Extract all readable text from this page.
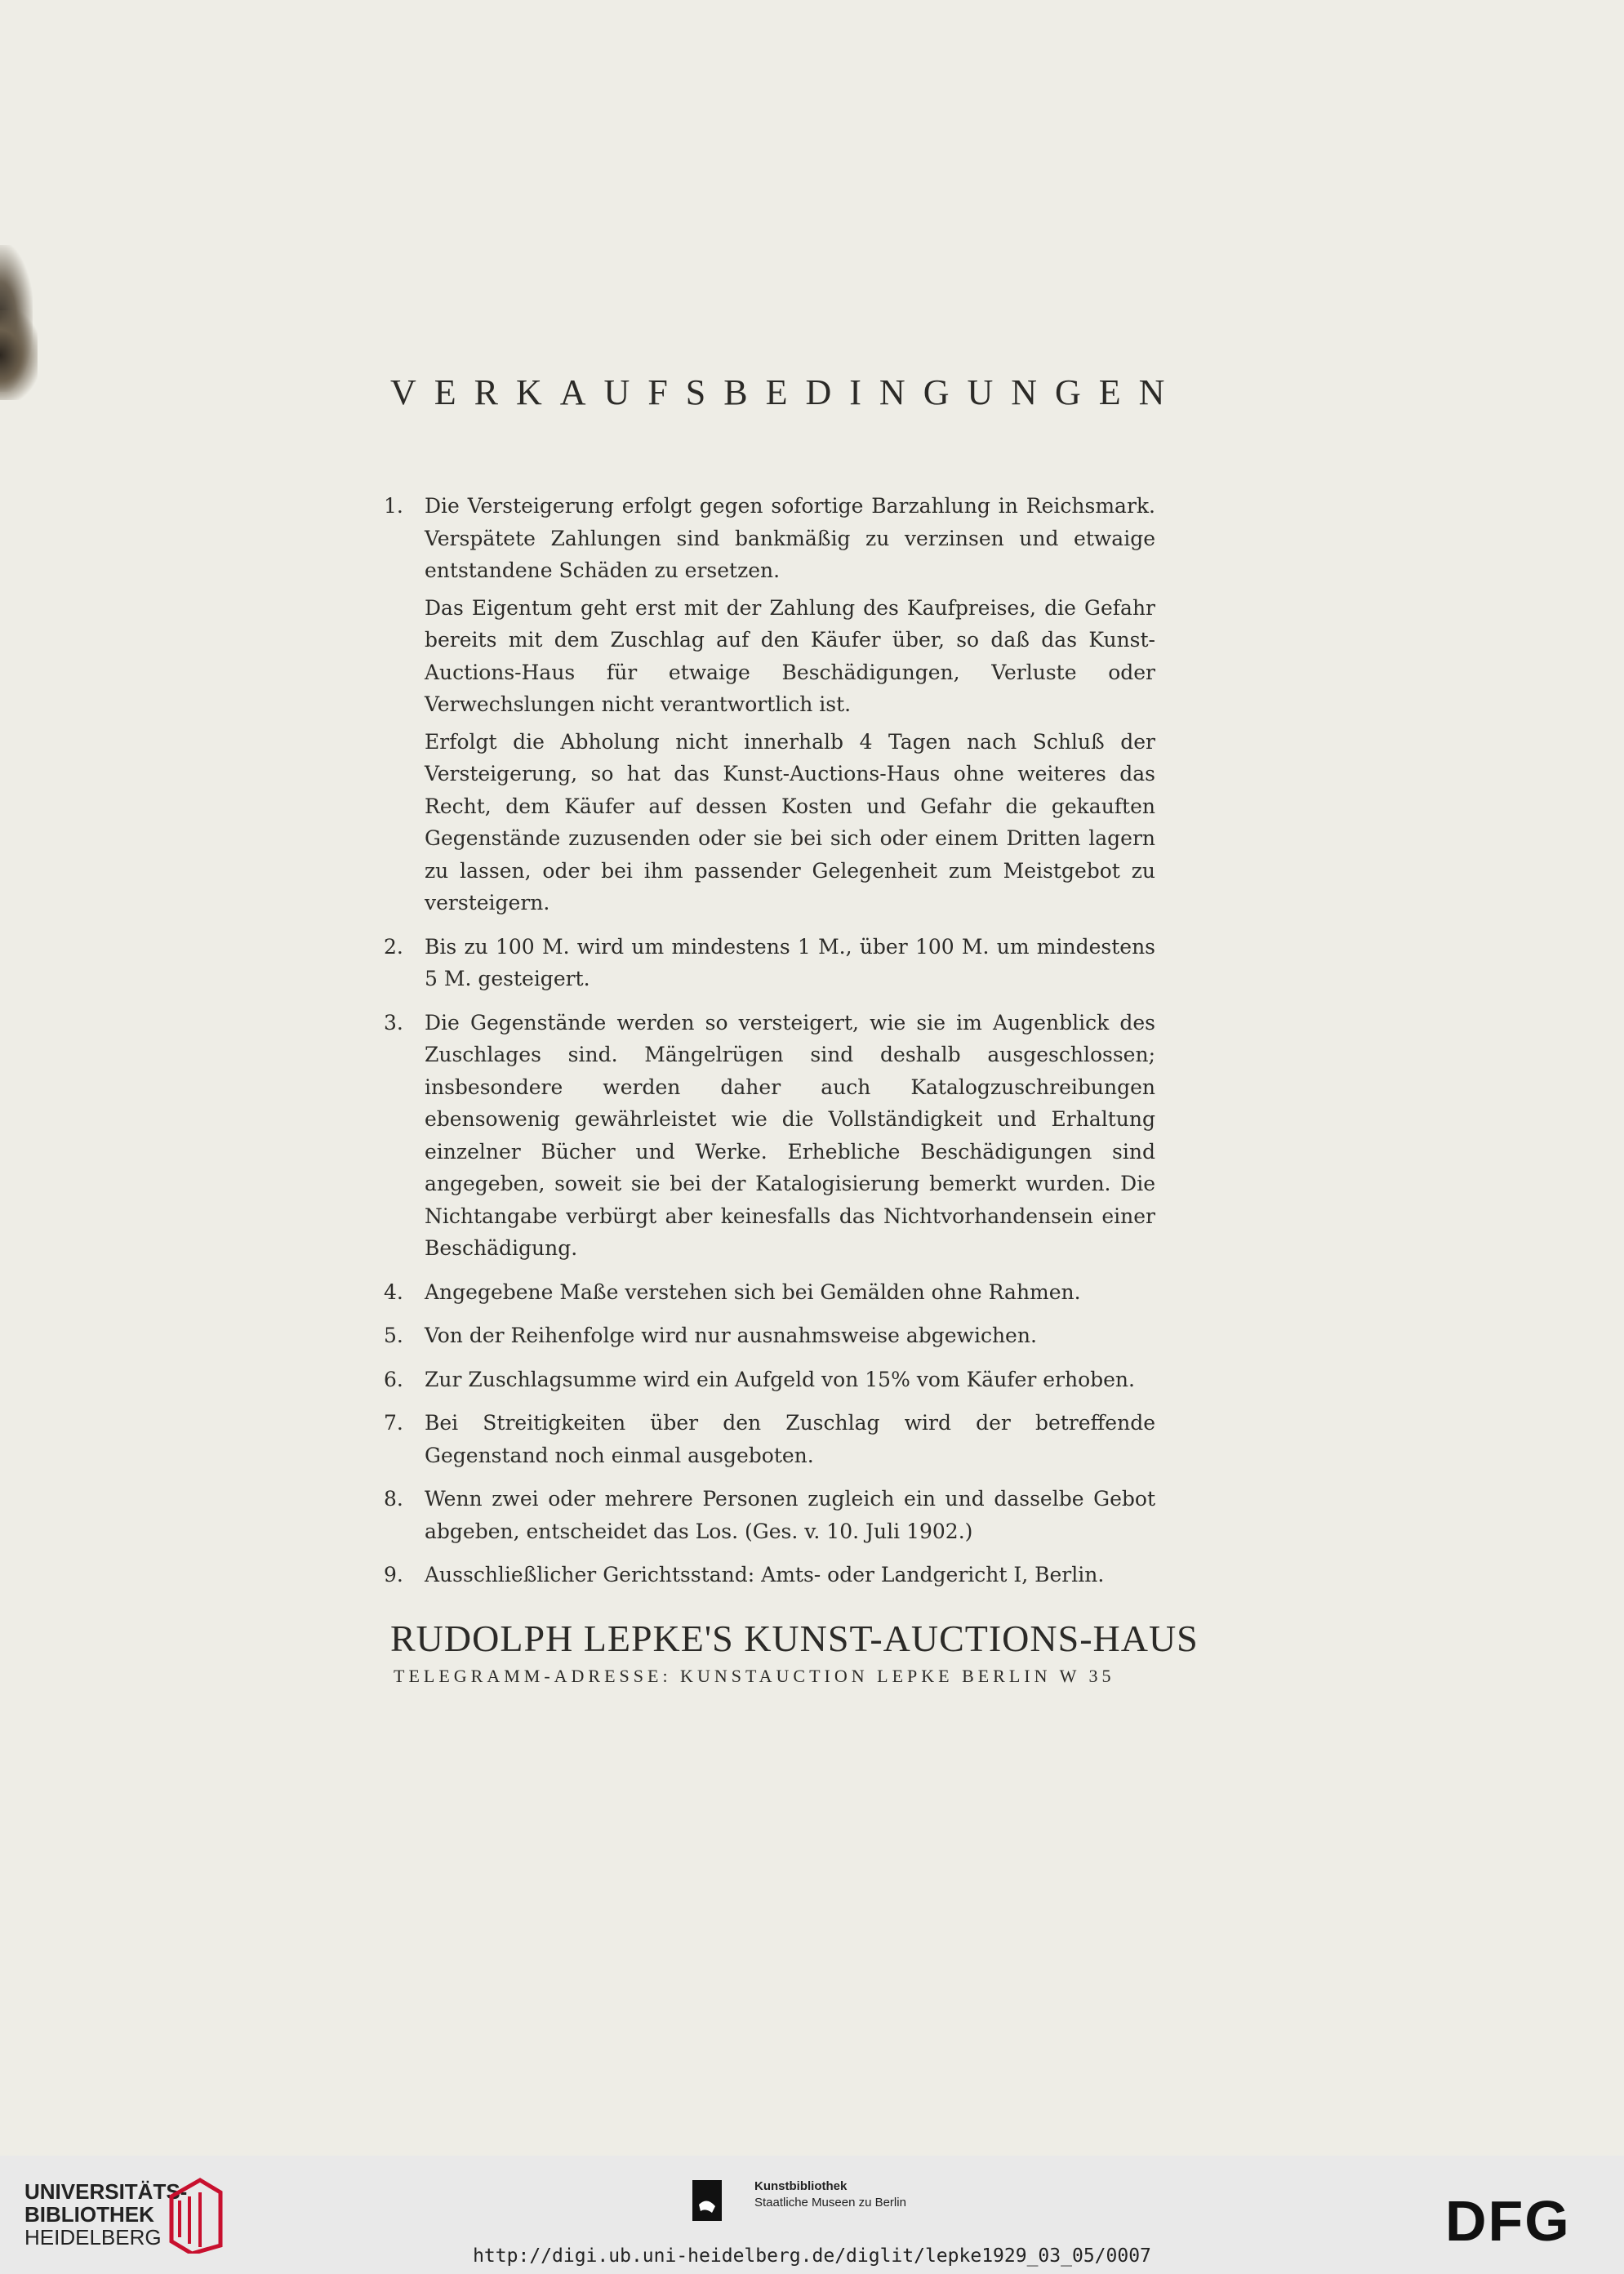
VERKAUFSBEDINGUNGEN
1.	Die Versteigerung erfolgt gegen sofortige Barzahlung in Reichsmark. Verspätete Zahlungen sind bankmäßig zu verzinsen und etwaige entstandene Schäden zu ersetzen.

Das Eigentum geht erst mit der Zahlung des Kaufpreises, die Gefahr bereits mit dem Zuschlag auf den Käufer über, so daß das Kunst-Auctions-Haus für etwaige Beschädigungen, Verluste oder Verwechslungen nicht verantwortlich ist.

Erfolgt die Abholung nicht innerhalb 4 Tagen nach Schluß der Versteigerung, so hat das Kunst-Auctions-Haus ohne weiteres das Recht, dem Käufer auf dessen Kosten und Gefahr die gekauften Gegenstände zuzusenden oder sie bei sich oder einem Dritten lagern zu lassen, oder bei ihm passender Gelegenheit zum Meistgebot zu versteigern.

2.	Bis zu 100 M. wird um mindestens 1 M., über 100 M. um mindestens 5 M. gesteigert.

3.	Die Gegenstände werden so versteigert, wie sie im Augenblick des Zuschlages sind. Mängelrügen sind deshalb ausgeschlossen; insbesondere werden daher auch Katalogzuschreibungen ebensowenig gewährleistet wie die Vollständigkeit und Erhaltung einzelner Bücher und Werke. Erhebliche Beschädigungen sind angegeben, soweit sie bei der Katalogisierung bemerkt wurden. Die Nichtangabe verbürgt aber keinesfalls das Nichtvorhandensein einer Beschädigung.

4.	Angegebene Maße verstehen sich bei Gemälden ohne Rahmen.

5.	Von der Reihenfolge wird nur ausnahmsweise abgewichen.

6.	Zur Zuschlagsumme wird ein Aufgeld von 15% vom Käufer erhoben.

7.	Bei Streitigkeiten über den Zuschlag wird der betreffende Gegenstand noch einmal ausgeboten.

8.	Wenn zwei oder mehrere Personen zugleich ein und dasselbe Gebot abgeben, entscheidet das Los. (Ges. v. 10. Juli 1902.)

9.	Ausschließlicher Gerichtsstand: Amts- oder Landgericht I, Berlin.

RUDOLPH LEPKE'S KUNST-AUCTIONS-HAUS
TELEGRAMM-ADRESSE: KUNSTAUCTION LEPKE BERLIN W 35
UNIVERSITÄTS-
BIBLIOTHEK
HEIDELBERG
Kunstbibliothek
Staatliche Museen zu Berlin	DFG
http://digi.ub.uni-heidelberg.de/diglit/lepke1929_03_05/0007
